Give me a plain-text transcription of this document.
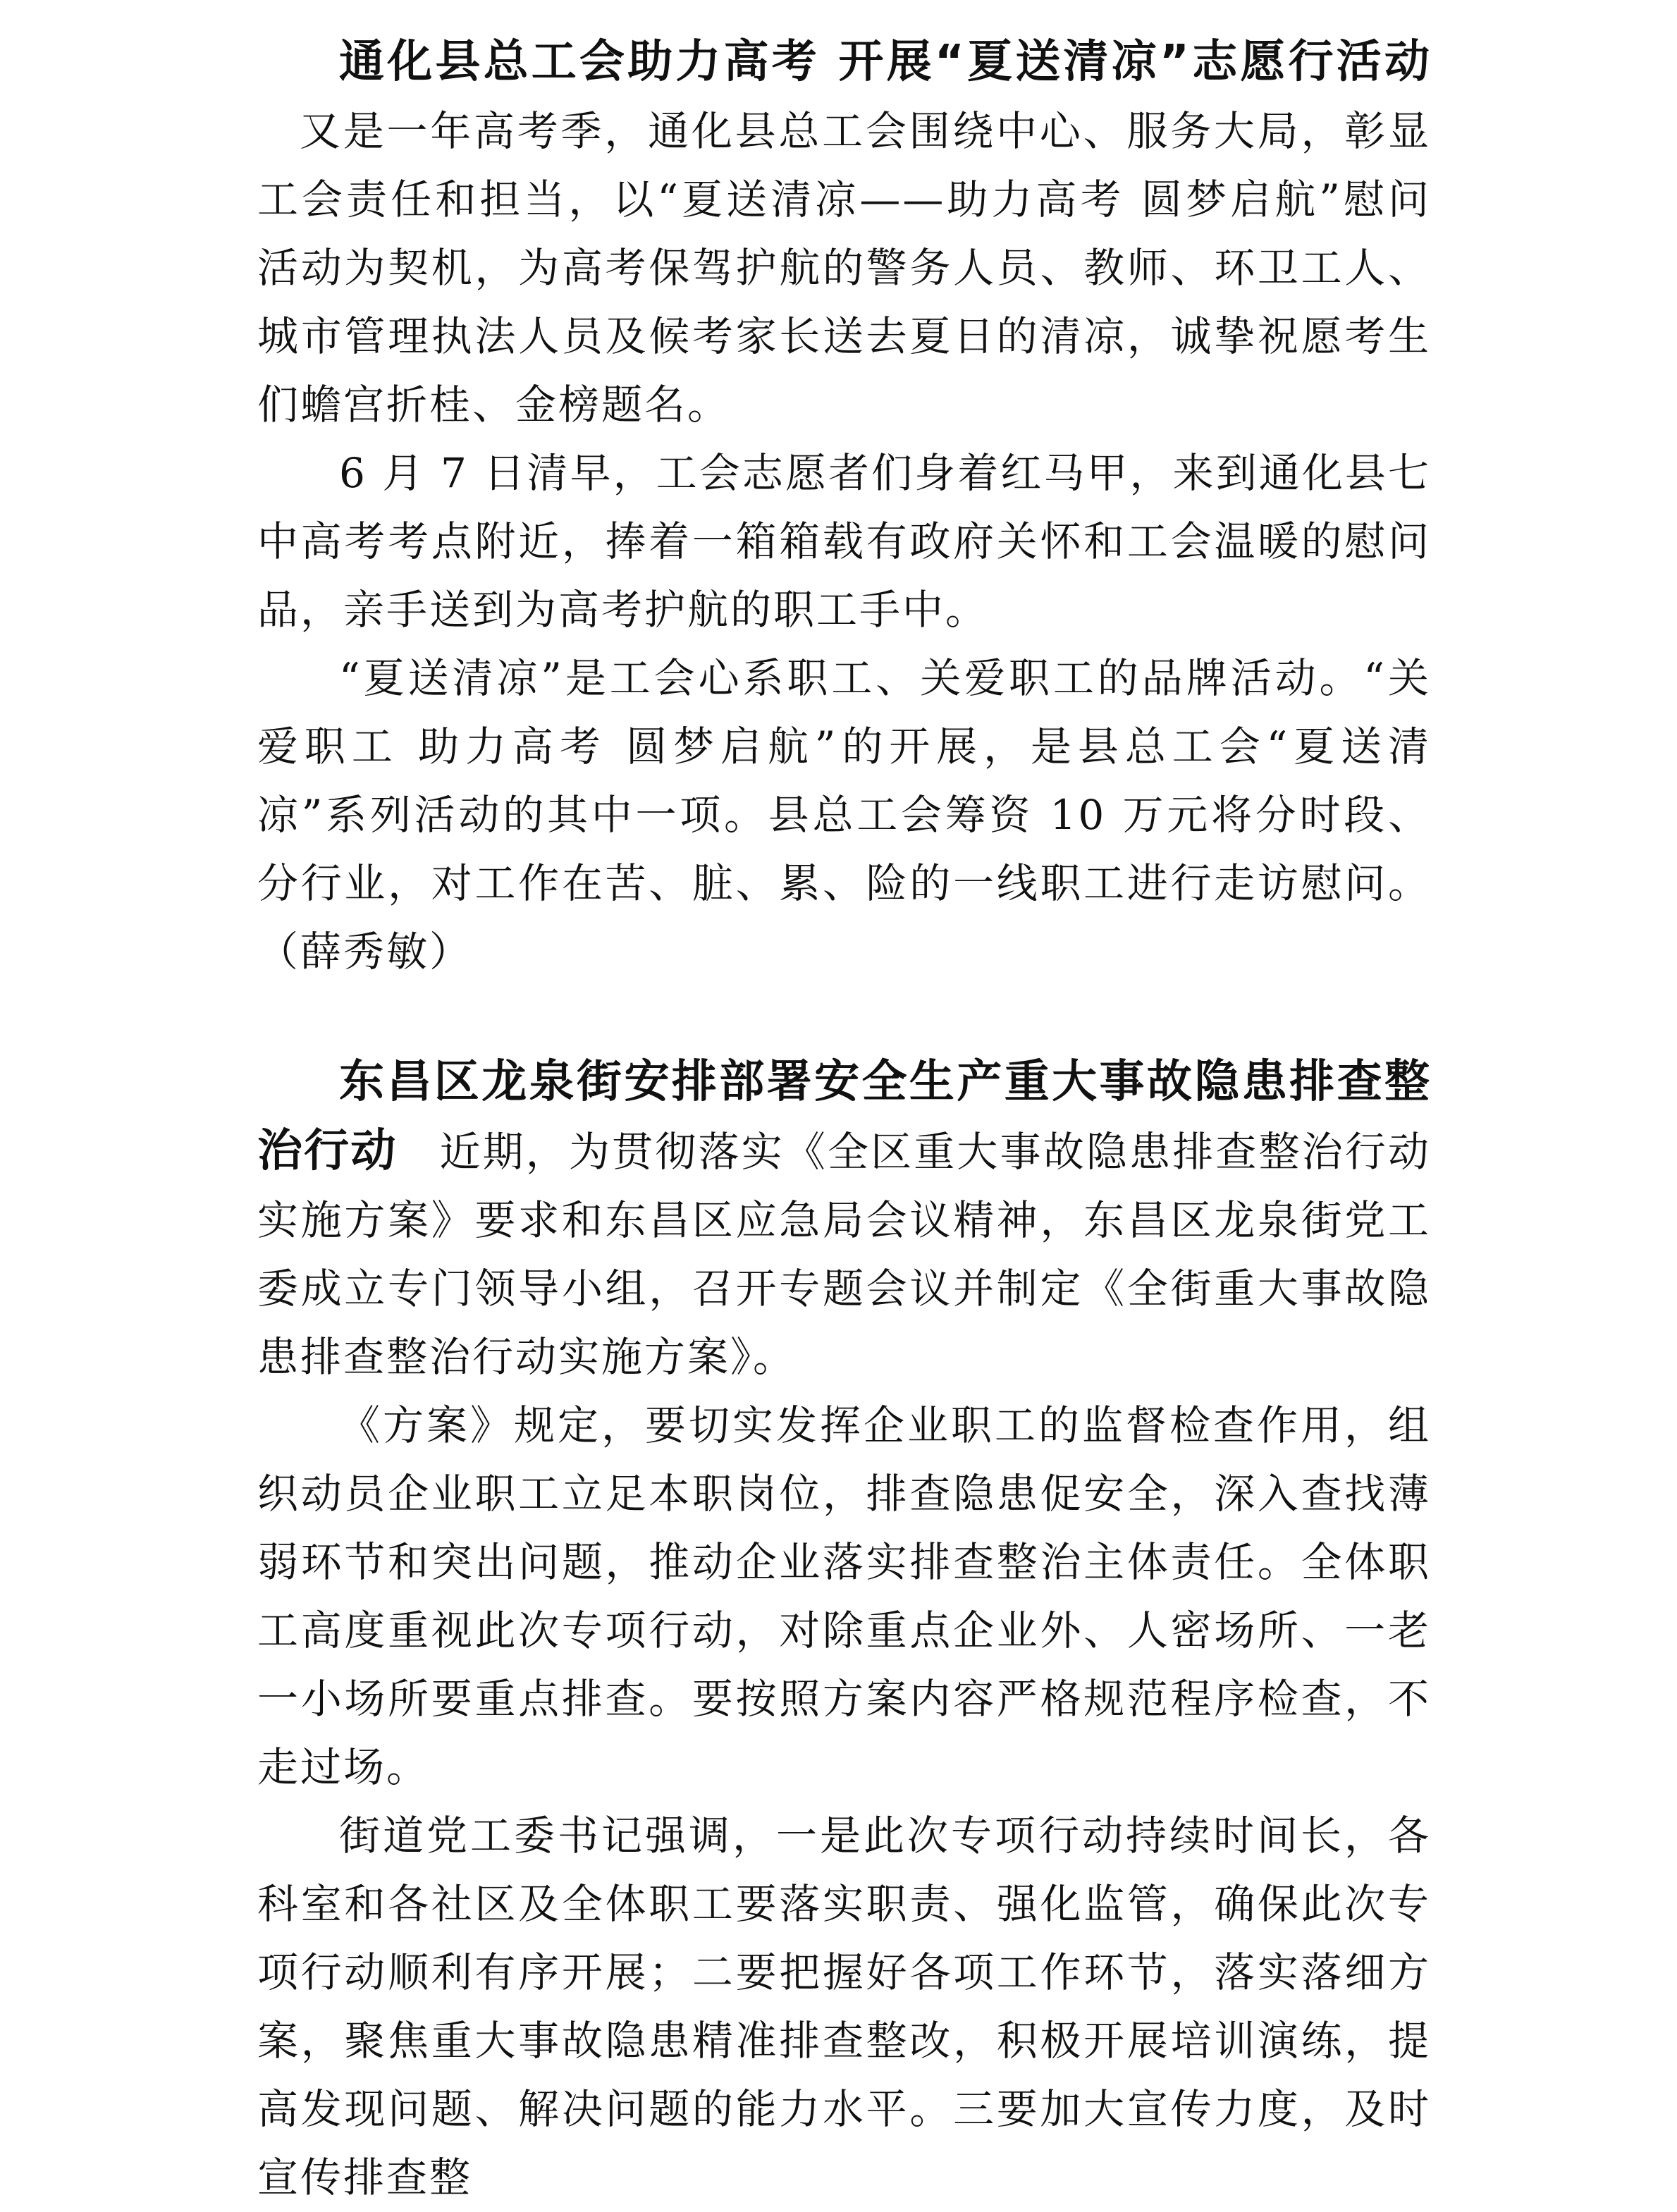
通化县总工会助力高考 开展“夏送清凉”志愿行活动又是一年高考季，通化县总工会围绕中心、服务大局，彰显工会责任和担当，以“夏送清凉——助力高考 圆梦启航”慰问活动为契机，为高考保驾护航的警务人员、教师、环卫工人、城市管理执法人员及候考家长送去夏日的清凉，诚挚祝愿考生们蟾宫折桂、金榜题名。

6 月 7 日清早，工会志愿者们身着红马甲，来到通化县七中高考考点附近，捧着一箱箱载有政府关怀和工会温暖的慰问品，亲手送到为高考护航的职工手中。

“夏送清凉”是工会心系职工、关爱职工的品牌活动。“关爱职工 助力高考 圆梦启航”的开展，是县总工会“夏送清凉”系列活动的其中一项。县总工会筹资 10 万元将分时段、分行业，对工作在苦、脏、累、险的一线职工进行走访慰问。（薛秀敏）

东昌区龙泉街安排部署安全生产重大事故隐患排查整治行动 近期，为贯彻落实《全区重大事故隐患排查整治行动实施方案》要求和东昌区应急局会议精神，东昌区龙泉街党工委成立专门领导小组，召开专题会议并制定《全街重大事故隐患排查整治行动实施方案》。

《方案》规定，要切实发挥企业职工的监督检查作用，组织动员企业职工立足本职岗位，排查隐患促安全，深入查找薄弱环节和突出问题，推动企业落实排查整治主体责任。全体职工高度重视此次专项行动，对除重点企业外、人密场所、一老一小场所要重点排查。要按照方案内容严格规范程序检查，不走过场。

街道党工委书记强调，一是此次专项行动持续时间长，各科室和各社区及全体职工要落实职责、强化监管，确保此次专项行动顺利有序开展；二要把握好各项工作环节，落实落细方案，聚焦重大事故隐患精准排查整改，积极开展培训演练，提高发现问题、解决问题的能力水平。三要加大宣传力度，及时宣传排查整
